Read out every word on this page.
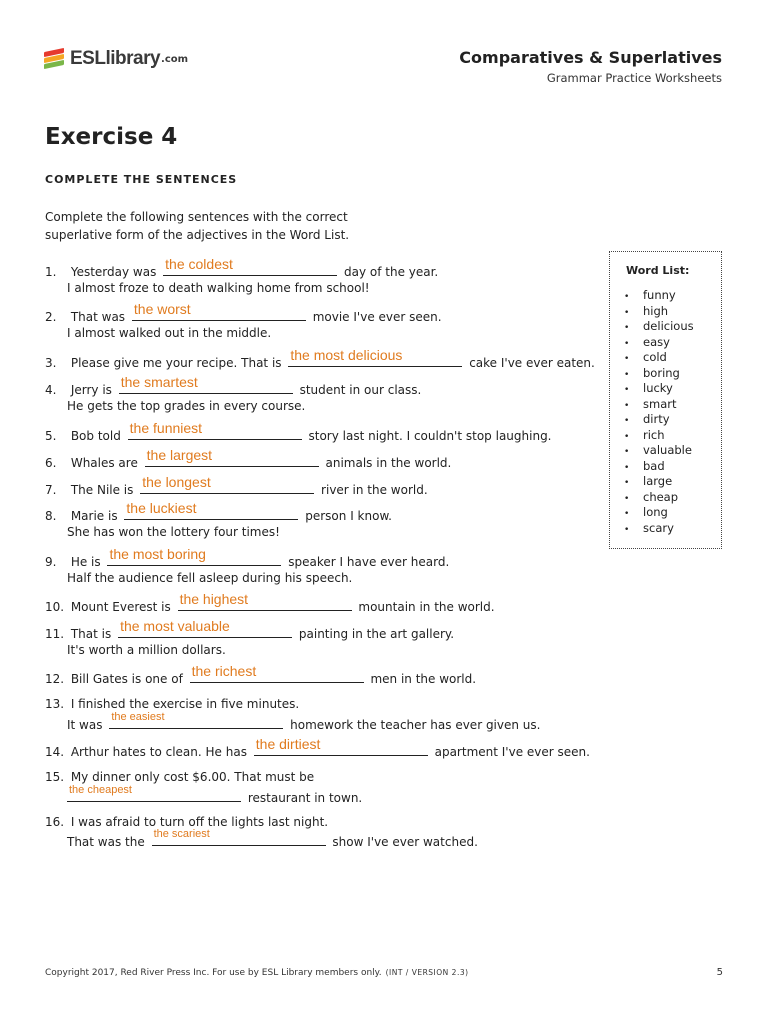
ESLlibrary .com	Comparatives & Superlatives
Grammar Practice Worksheets
Exercise 4
COMPLETE THE SENTENCES
Complete the following sentences with the correct superlative form of the adjectives in the Word List.
1. Yesterday was the coldest	day of the year.
I almost froze to death walking home from school!
2. That was the worst	movie I've ever seen.
I almost walked out in the middle.
3. Please give me your recipe. That is the most delicious	cake I've ever eaten.
4. Jerry is the smartest	student in our class.
He gets the top grades in every course.
5. Bob told the funniest	story last night. I couldn't stop laughing.
6. Whales are the largest	animals in the world.
7. The Nile is the longest	river in the world.
8. Marie is the luckiest	person I know.
She has won the lottery four times!
9. He is the most boring	speaker I have ever heard.
Half the audience fell asleep during his speech.
10. Mount Everest is the highest	mountain in the world.
11. That is the most valuable	painting in the art gallery.
It's worth a million dollars.
12. Bill Gates is one of the richest	men in the world.
13. I finished the exercise in five minutes.
It was
the easiest
homework the teacher has ever given us.
14. Arthur hates to clean. He has the dirtiest	apartment I've ever seen.
15. My dinner only cost $6.00. That must be
the cheapest
restaurant in town.
16. I was afraid to turn off the lights last night.
That was the
the scariest
show I've ever watched.
Word List:
• funny
• high
• delicious
• easy
• cold
• boring
• lucky
• smart
• dirty
• rich
• valuable
• bad
• large
• cheap
• long
• scary
Copyright 2017, Red River Press Inc. For use by ESL Library members only. (INT / VERSION 2.3)	5
